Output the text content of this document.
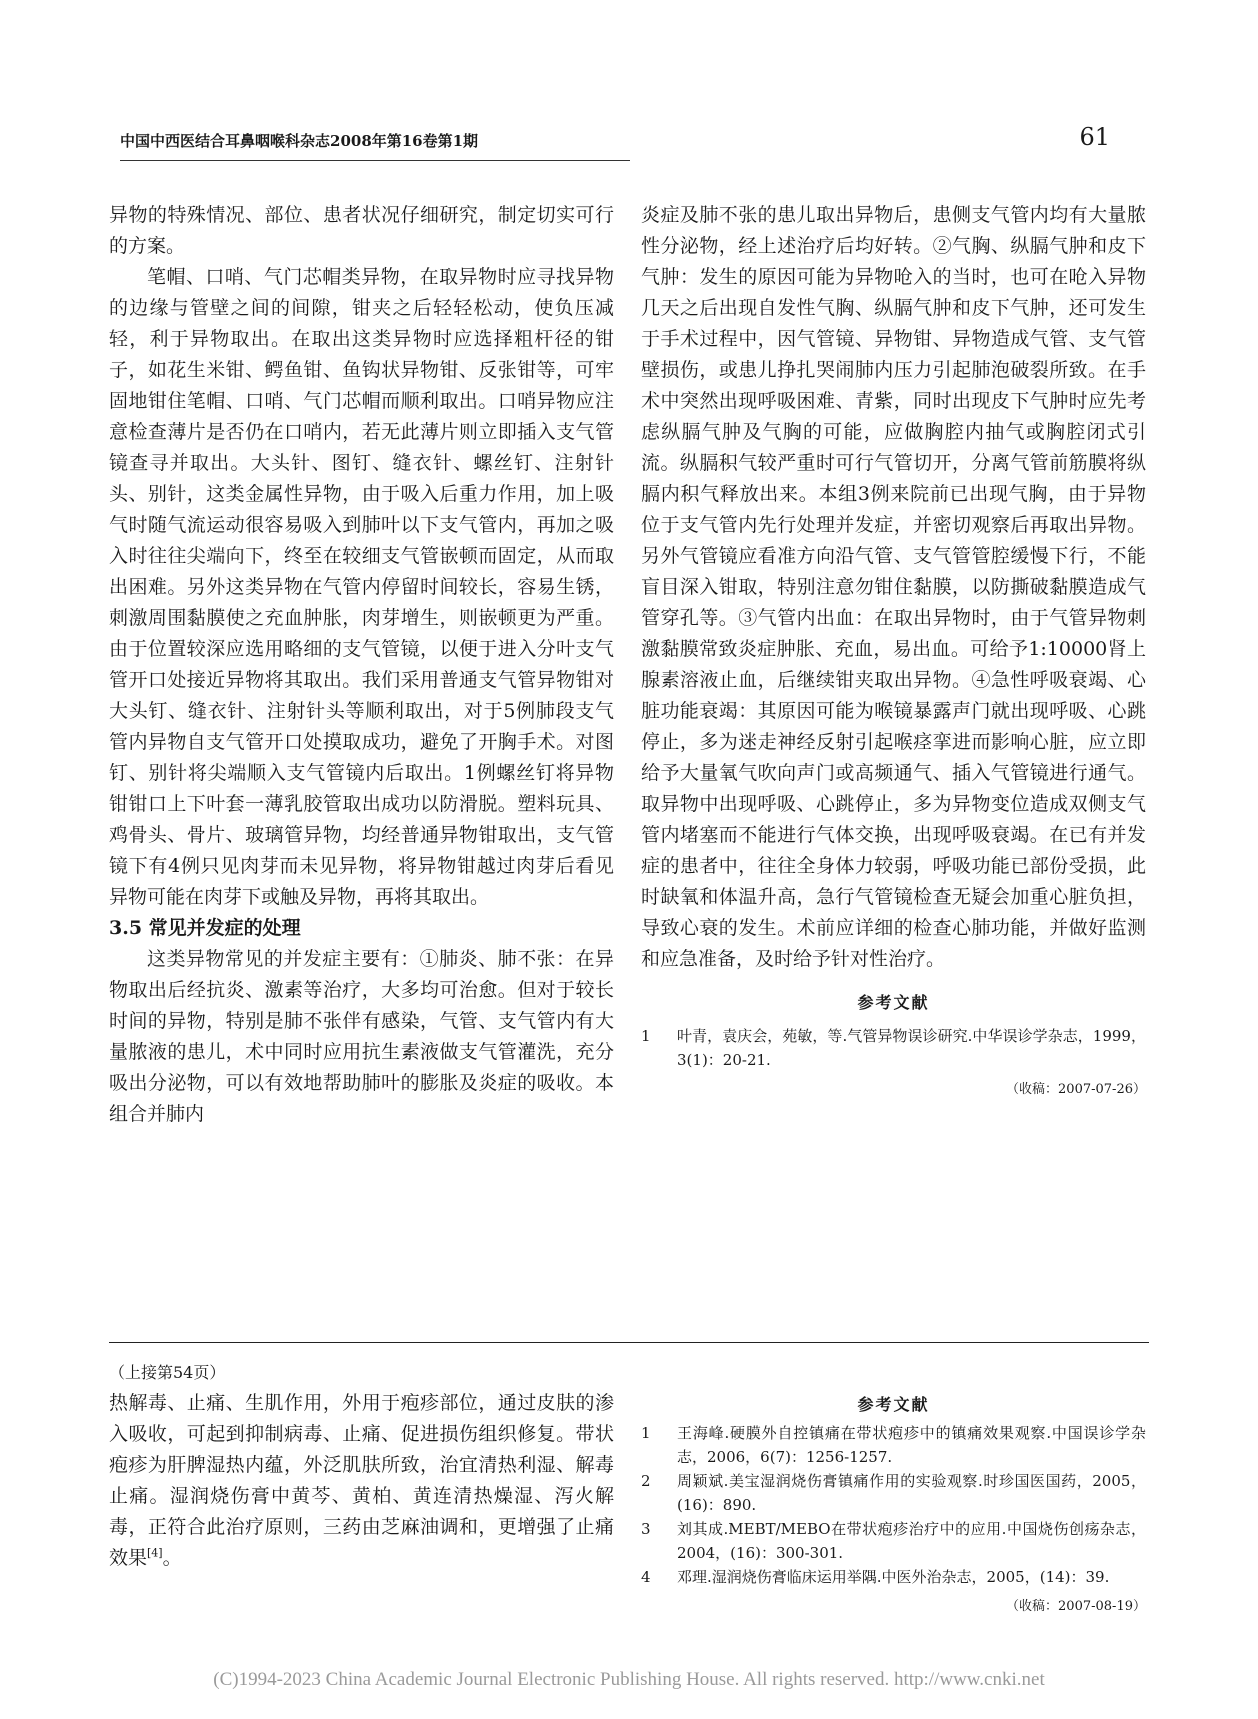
中国中西医结合耳鼻咽喉科杂志2008年第16卷第1期	61

异物的特殊情况、部位、患者状况仔细研究，制定切实可行的方案。

笔帽、口哨、气门芯帽类异物，在取异物时应寻找异物的边缘与管壁之间的间隙，钳夹之后轻轻松动，使负压减轻，利于异物取出。在取出这类异物时应选择粗杆径的钳子，如花生米钳、鳄鱼钳、鱼钩状异物钳、反张钳等，可牢固地钳住笔帽、口哨、气门芯帽而顺利取出。口哨异物应注意检查薄片是否仍在口哨内，若无此薄片则立即插入支气管镜查寻并取出。大头针、图钉、缝衣针、螺丝钉、注射针头、别针，这类金属性异物，由于吸入后重力作用，加上吸气时随气流运动很容易吸入到肺叶以下支气管内，再加之吸入时往往尖端向下，终至在较细支气管嵌顿而固定，从而取出困难。另外这类异物在气管内停留时间较长，容易生锈，刺激周围黏膜使之充血肿胀，肉芽增生，则嵌顿更为严重。由于位置较深应选用略细的支气管镜，以便于进入分叶支气管开口处接近异物将其取出。我们采用普通支气管异物钳对大头钉、缝衣针、注射针头等顺利取出，对于5例肺段支气管内异物自支气管开口处摸取成功，避免了开胸手术。对图钉、别针将尖端顺入支气管镜内后取出。1例螺丝钉将异物钳钳口上下叶套一薄乳胶管取出成功以防滑脱。塑料玩具、鸡骨头、骨片、玻璃管异物，均经普通异物钳取出，支气管镜下有4例只见肉芽而未见异物，将异物钳越过肉芽后看见异物可能在肉芽下或触及异物，再将其取出。

3.5 常见并发症的处理

这类异物常见的并发症主要有：①肺炎、肺不张：在异物取出后经抗炎、激素等治疗，大多均可治愈。但对于较长时间的异物，特别是肺不张伴有感染，气管、支气管内有大量脓液的患儿，术中同时应用抗生素液做支气管灌洗，充分吸出分泌物，可以有效地帮助肺叶的膨胀及炎症的吸收。本组合并肺内

炎症及肺不张的患儿取出异物后，患侧支气管内均有大量脓性分泌物，经上述治疗后均好转。②气胸、纵膈气肿和皮下气肿：发生的原因可能为异物呛入的当时，也可在呛入异物几天之后出现自发性气胸、纵膈气肿和皮下气肿，还可发生于手术过程中，因气管镜、异物钳、异物造成气管、支气管壁损伤，或患儿挣扎哭闹肺内压力引起肺泡破裂所致。在手术中突然出现呼吸困难、青紫，同时出现皮下气肿时应先考虑纵膈气肿及气胸的可能，应做胸腔内抽气或胸腔闭式引流。纵膈积气较严重时可行气管切开，分离气管前筋膜将纵膈内积气释放出来。本组3例来院前已出现气胸，由于异物位于支气管内先行处理并发症，并密切观察后再取出异物。另外气管镜应看准方向沿气管、支气管管腔缓慢下行，不能盲目深入钳取，特别注意勿钳住黏膜，以防撕破黏膜造成气管穿孔等。③气管内出血：在取出异物时，由于气管异物刺激黏膜常致炎症肿胀、充血，易出血。可给予1:10000肾上腺素溶液止血，后继续钳夹取出异物。④急性呼吸衰竭、心脏功能衰竭：其原因可能为喉镜暴露声门就出现呼吸、心跳停止，多为迷走神经反射引起喉痉挛进而影响心脏，应立即给予大量氧气吹向声门或高频通气、插入气管镜进行通气。取异物中出现呼吸、心跳停止，多为异物变位造成双侧支气管内堵塞而不能进行气体交换，出现呼吸衰竭。在已有并发症的患者中，往往全身体力较弱，呼吸功能已部份受损，此时缺氧和体温升高，急行气管镜检查无疑会加重心脏负担，导致心衰的发生。术前应详细的检查心肺功能，并做好监测和应急准备，及时给予针对性治疗。

参考文献
1	叶青，袁庆会，苑敏，等.气管异物误诊研究.中华误诊学杂志，1999，3(1)：20-21.
（收稿：2007-07-26）
（上接第54页）

热解毒、止痛、生肌作用，外用于疱疹部位，通过皮肤的渗入吸收，可起到抑制病毒、止痛、促进损伤组织修复。带状疱疹为肝脾湿热内蕴，外泛肌肤所致，治宜清热利湿、解毒止痛。湿润烧伤膏中黄芩、黄柏、黄连清热燥湿、泻火解毒，正符合此治疗原则，三药由芝麻油调和，更增强了止痛效果[4]。

参考文献
1	王海峰.硬膜外自控镇痛在带状疱疹中的镇痛效果观察.中国误诊学杂志，2006，6(7)：1256-1257.
2	周颖斌.美宝湿润烧伤膏镇痛作用的实验观察.时珍国医国药，2005，(16)：890.
3	刘其成.MEBT/MEBO在带状疱疹治疗中的应用.中国烧伤创疡杂志，2004，(16)：300-301.
4	邓理.湿润烧伤膏临床运用举隅.中医外治杂志，2005，(14)：39.
（收稿：2007-08-19）
(C)1994-2023 China Academic Journal Electronic Publishing House. All rights reserved. http://www.cnki.net
